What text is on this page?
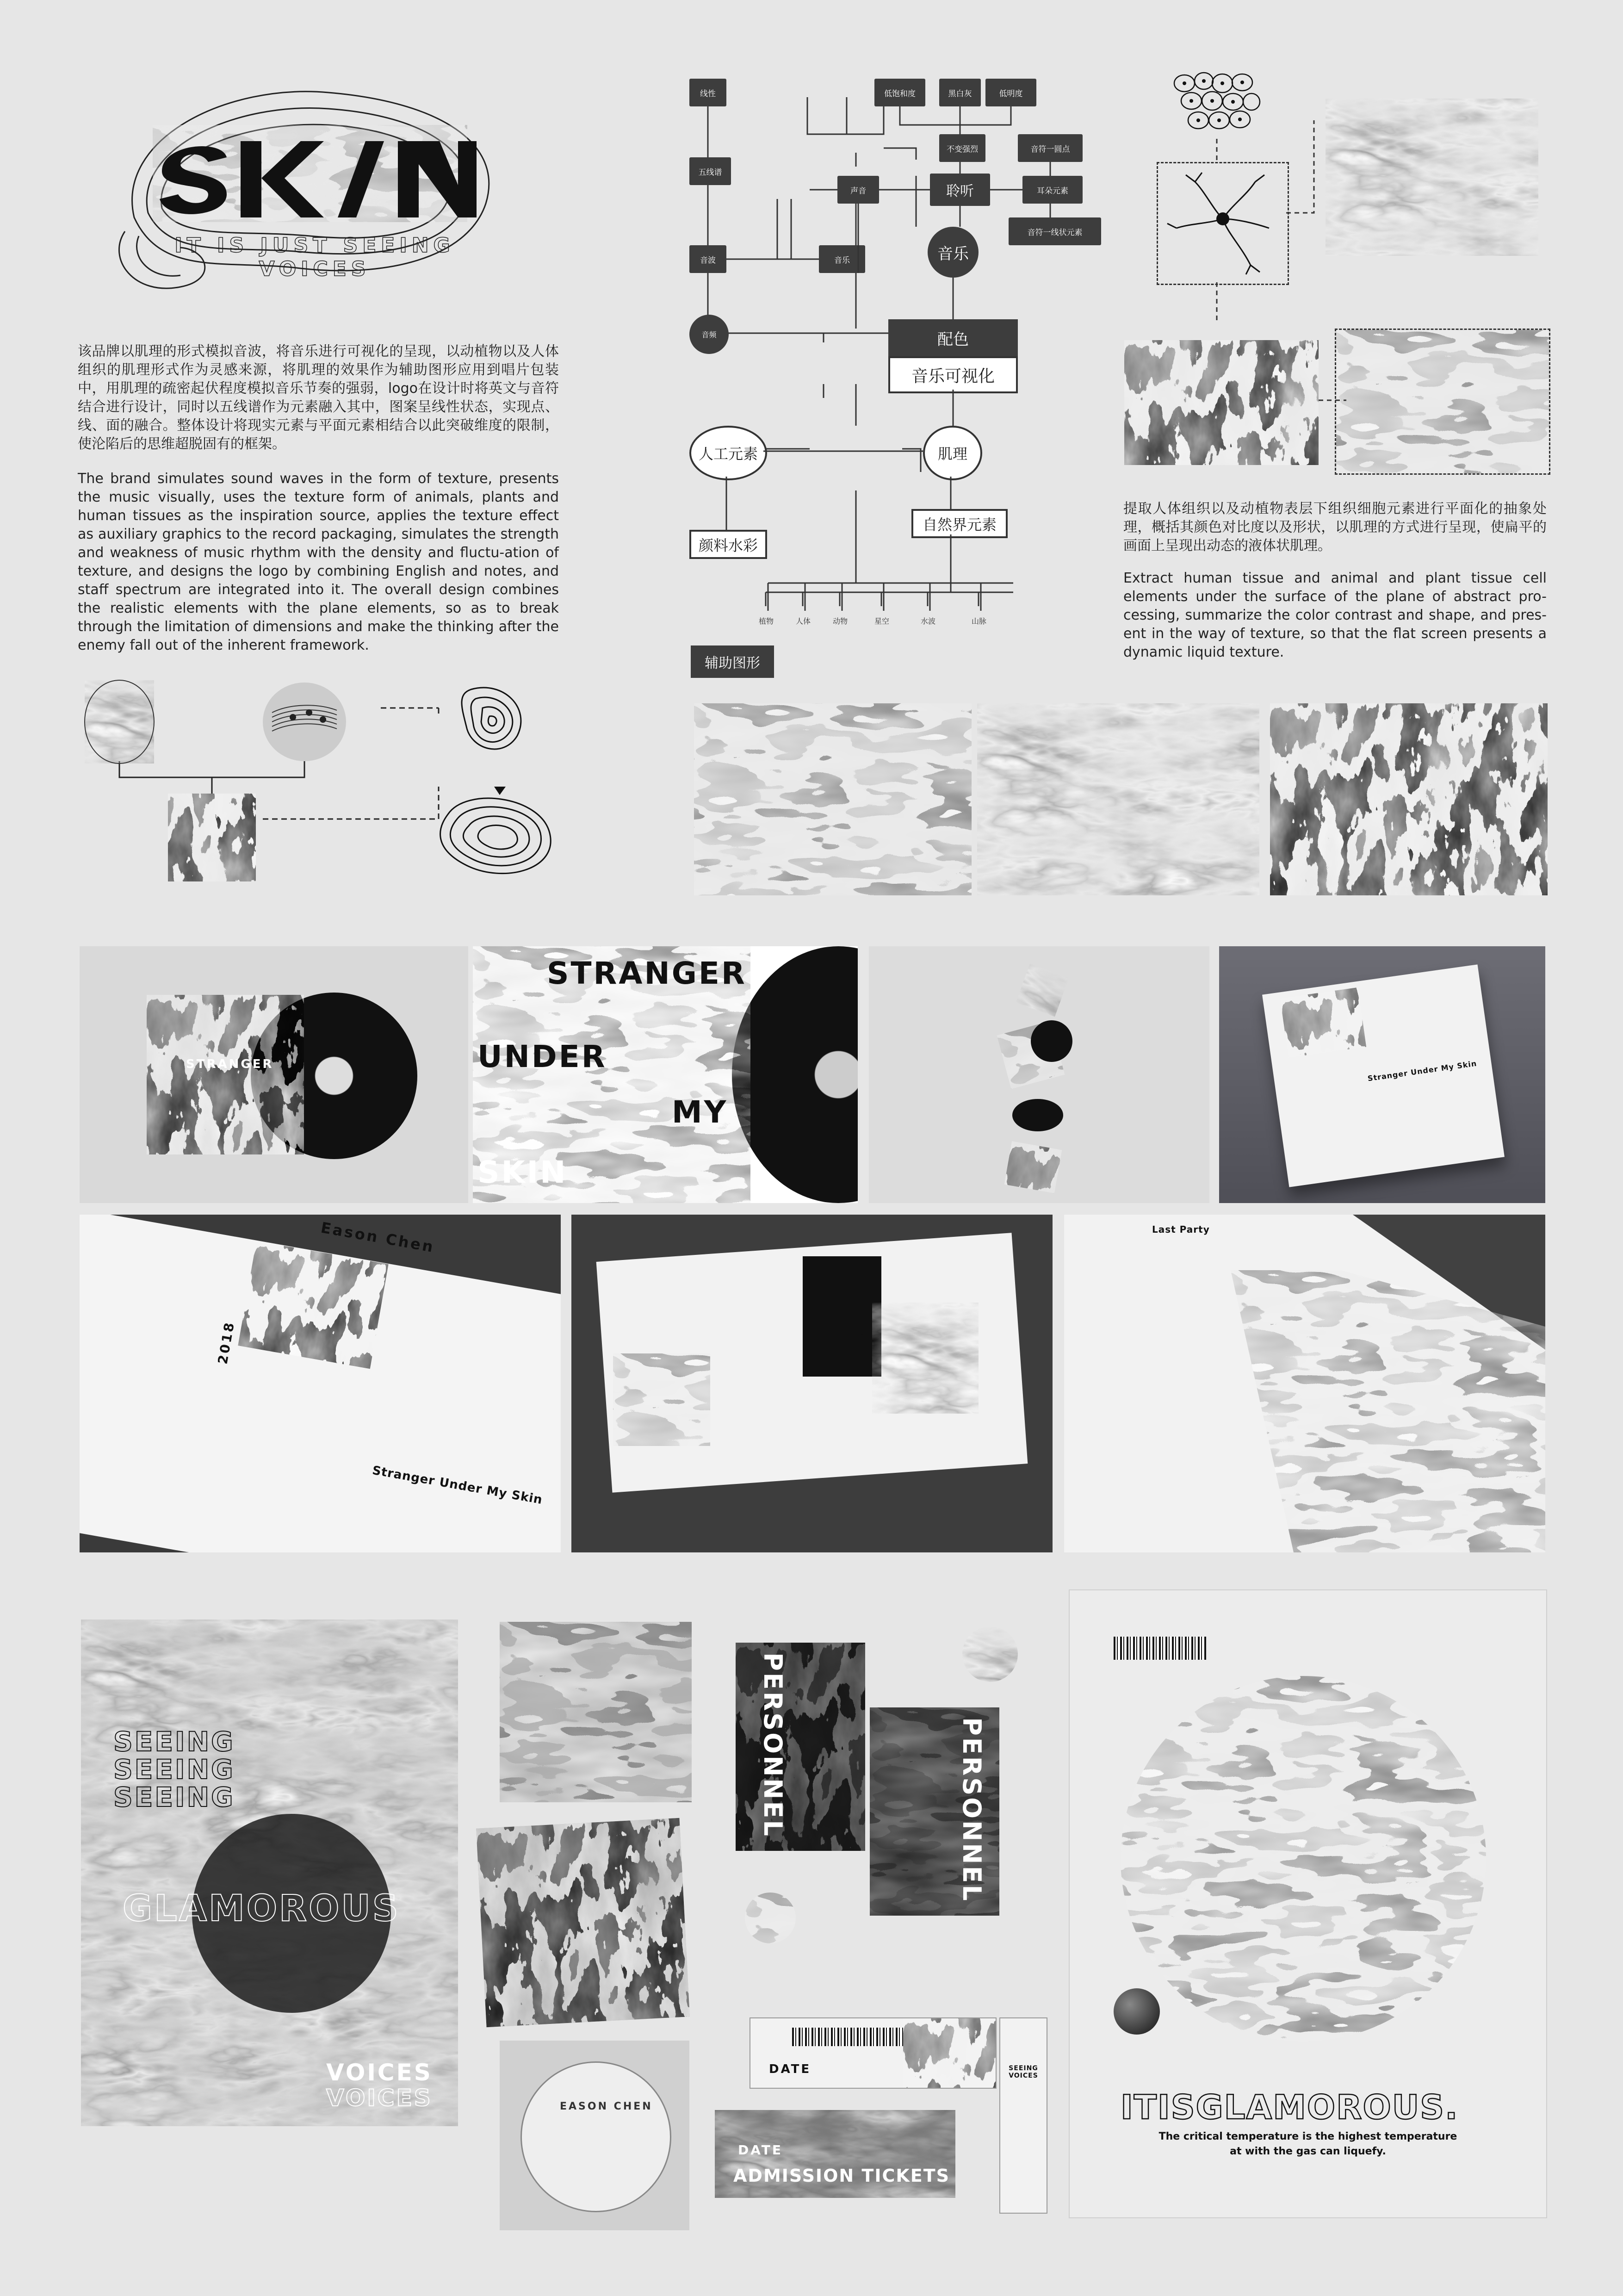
IT IS JUST SEEING VOICES
该品牌以肌理的形式模拟音波，将音乐进行可视化的呈现，以动植物以及人体组织的肌理形式作为灵感来源，将肌理的效果作为辅助图形应用到唱片包装中，用肌理的疏密起伏程度模拟音乐节奏的强弱，logo在设计时将英文与音符结合进行设计，同时以五线谱作为元素融入其中，图案呈线性状态，实现点、线、面的融合。整体设计将现实元素与平面元素相结合以此突破维度的限制，使沦陷后的思维超脱固有的框架。
The brand simulates sound waves in the form of texture, presents the music visually, uses the texture form of animals, plants and human tissues as the inspiration source, applies the texture effect as auxiliary graphics to the record packaging, simulates the strength and weakness of music rhythm with the density and fluctu-ation of texture, and designs the logo by combining English and notes, and staff spectrum are integrated into it. The overall design combines the realistic elements with the plane elements, so as to break through the limitation of dimensions and make the thinking after the enemy fall out of the inherent framework.
线性
五线谱
音波
音频
低饱和度	黑白灰	低明度
声音
音乐
不变强烈
聆听
音符一圆点
耳朵元素
音符一线状元素
音乐
配色
音乐可视化
人工元素	肌理
颜料水彩
自然界元素
植物	人体	动物	星空	水波	山脉
提取人体组织以及动植物表层下组织细胞元素进行平面化的抽象处理，概括其颜色对比度以及形状，以肌理的方式进行呈现，使扁平的画面上呈现出动态的液体状肌理。
Extract human tissue and animal and plant tissue cell elements under the surface of the plane of abstract pro-cessing, summarize the color contrast and shape, and pres-ent in the way of texture, so that the flat screen presents a dynamic liquid texture.
辅助图形
STRANGER
STRANGER
UNDER
MY
SKIN
Stranger Under My Skin
Eason Chen
2018
Stranger Under My Skin
01
Last Party
SEEING
SEEING
SEEING
GLAMOROUS
VOICES
VOICES	EASON CHEN
PERSONNEL	PERSONNEL
DATE
DATE
ADMISSION TICKETS
SEEING VOICES
ITISGLAMOROUS.
The critical temperature is the highest temperature at with the gas can liquefy.
